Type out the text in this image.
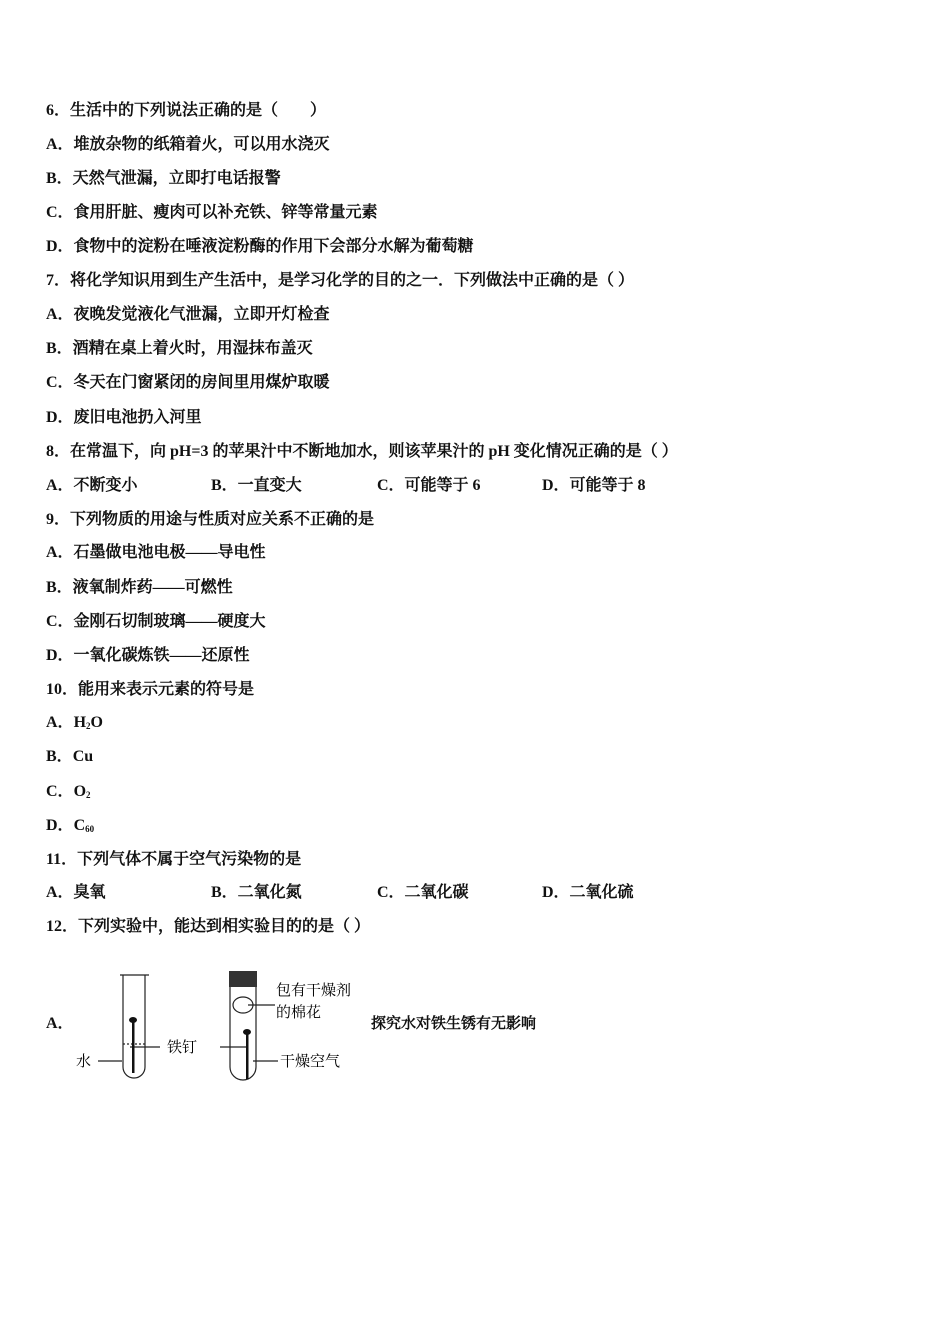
6．生活中的下列说法正确的是（　　）
A．堆放杂物的纸箱着火，可以用水浇灭
B．天然气泄漏，立即打电话报警
C．食用肝脏、瘦肉可以补充铁、锌等常量元素
D．食物中的淀粉在唾液淀粉酶的作用下会部分水解为葡萄糖
7．将化学知识用到生产生活中，是学习化学的目的之一．下列做法中正确的是（ ）
A．夜晚发觉液化气泄漏，立即开灯检查
B．酒精在桌上着火时，用湿抹布盖灭
C．冬天在门窗紧闭的房间里用煤炉取暖
D．废旧电池扔入河里
8．在常温下，向 pH=3 的苹果汁中不断地加水，则该苹果汁的 pH 变化情况正确的是（ ）
A．不断变小	B．一直变大	C．可能等于 6	D．可能等于 8
9．下列物质的用途与性质对应关系不正确的是
A．石墨做电池电极——导电性
B．液氧制炸药——可燃性
C．金刚石切制玻璃——硬度大
D．一氧化碳炼铁——还原性
10．能用来表示元素的符号是
A．$H_2O$
B．Cu
C．$O_2$
D．$C_{60}$
11．下列气体不属于空气污染物的是
A．臭氧	B．二氧化氮	C．二氧化碳	D．二氧化硫
12．下列实验中，能达到相实验目的的是（ ）
A．	探究水对铁生锈有无影响
水
铁钉
包有干燥剂
的棉花
干燥空气
